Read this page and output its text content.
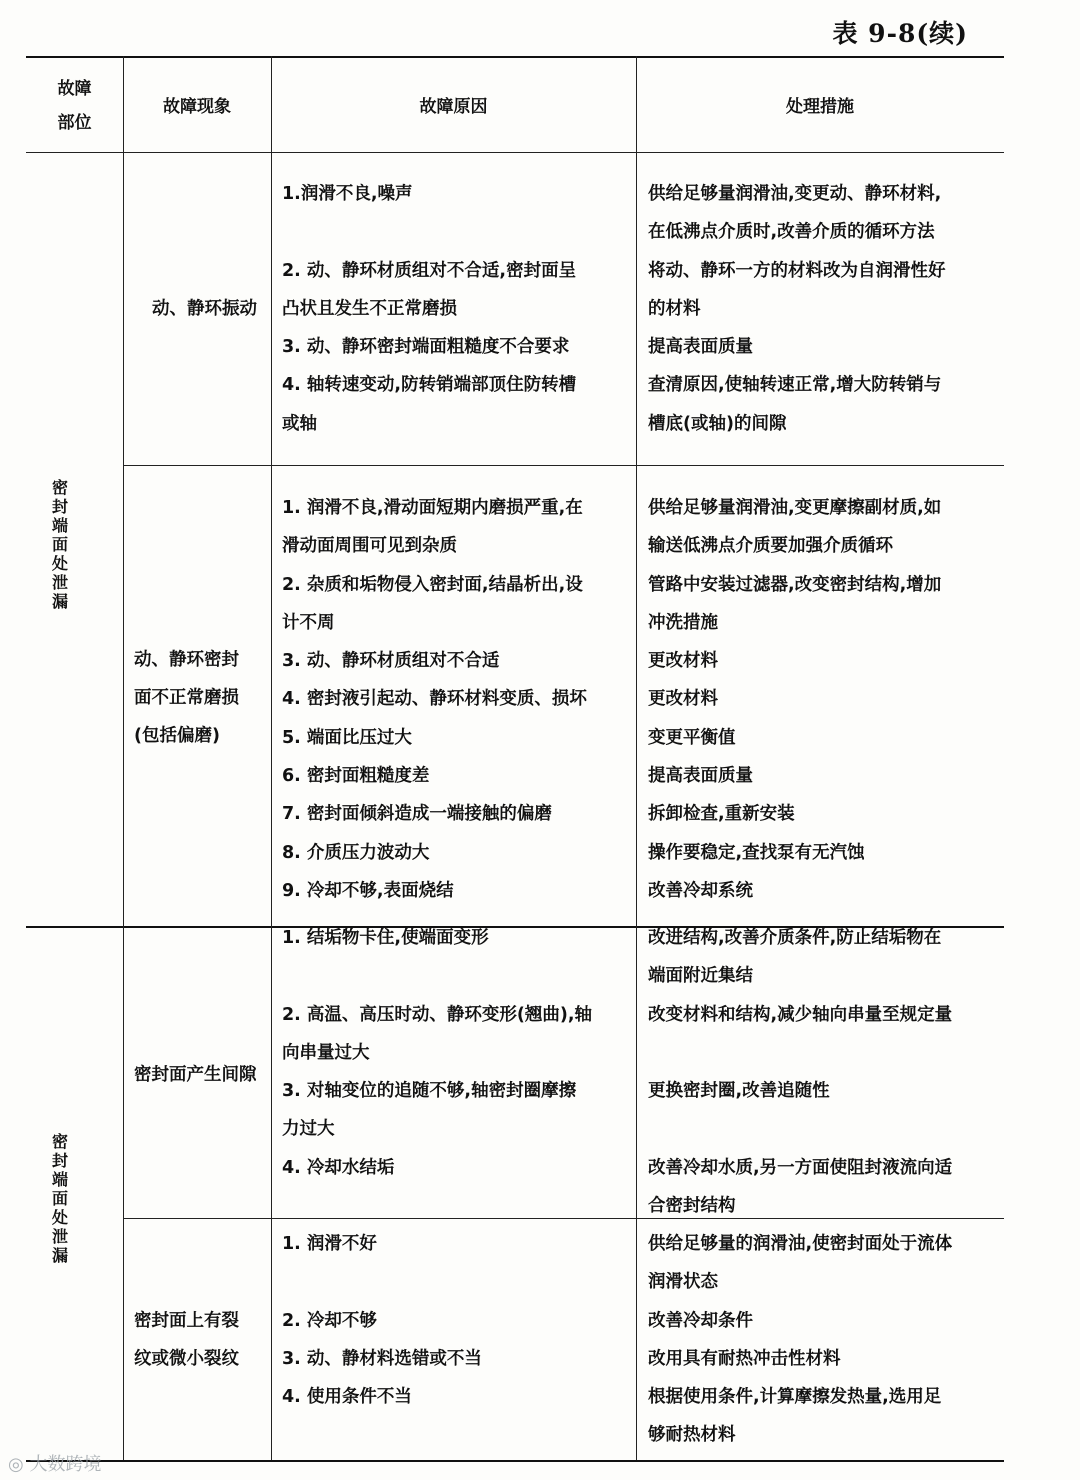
表 9-8(续)
故障
部位
故障现象	故障原因	处理措施
密
封
端
面
处
泄
漏
动、静环振动
1.润滑不良,噪声
2. 动、静环材质组对不合适,密封面呈
凸状且发生不正常磨损
3. 动、静环密封端面粗糙度不合要求
4. 轴转速变动,防转销端部顶住防转槽
或轴
供给足够量润滑油,变更动、静环材料,
在低沸点介质时,改善介质的循环方法
将动、静环一方的材料改为自润滑性好
的材料
提高表面质量
查清原因,使轴转速正常,增大防转销与
槽底(或轴)的间隙
动、静环密封
面不正常磨损
(包括偏磨)
1. 润滑不良,滑动面短期内磨损严重,在
滑动面周围可见到杂质
2. 杂质和垢物侵入密封面,结晶析出,设
计不周
3. 动、静环材质组对不合适
4. 密封液引起动、静环材料变质、损坏
5. 端面比压过大
6. 密封面粗糙度差
7. 密封面倾斜造成一端接触的偏磨
8. 介质压力波动大
9. 冷却不够,表面烧结
供给足够量润滑油,变更摩擦副材质,如
输送低沸点介质要加强介质循环
管路中安装过滤器,改变密封结构,增加
冲洗措施
更改材料
更改材料
变更平衡值
提高表面质量
拆卸检查,重新安装
操作要稳定,查找泵有无汽蚀
改善冷却系统
密
封
端
面
处
泄
漏
密封面产生间隙
1. 结垢物卡住,使端面变形
2. 高温、高压时动、静环变形(翘曲),轴
向串量过大
3. 对轴变位的追随不够,轴密封圈摩擦
力过大
4. 冷却水结垢
改进结构,改善介质条件,防止结垢物在
端面附近集结
改变材料和结构,减少轴向串量至规定量
更换密封圈,改善追随性
改善冷却水质,另一方面使阻封液流向适
合密封结构
密封面上有裂
纹或微小裂纹
1. 润滑不好
2. 冷却不够
3. 动、静材料选错或不当
4. 使用条件不当
供给足够量的润滑油,使密封面处于流体
润滑状态
改善冷却条件
改用具有耐热冲击性材料
根据使用条件,计算摩擦发热量,选用足
够耐热材料
◎ 大数跨境
